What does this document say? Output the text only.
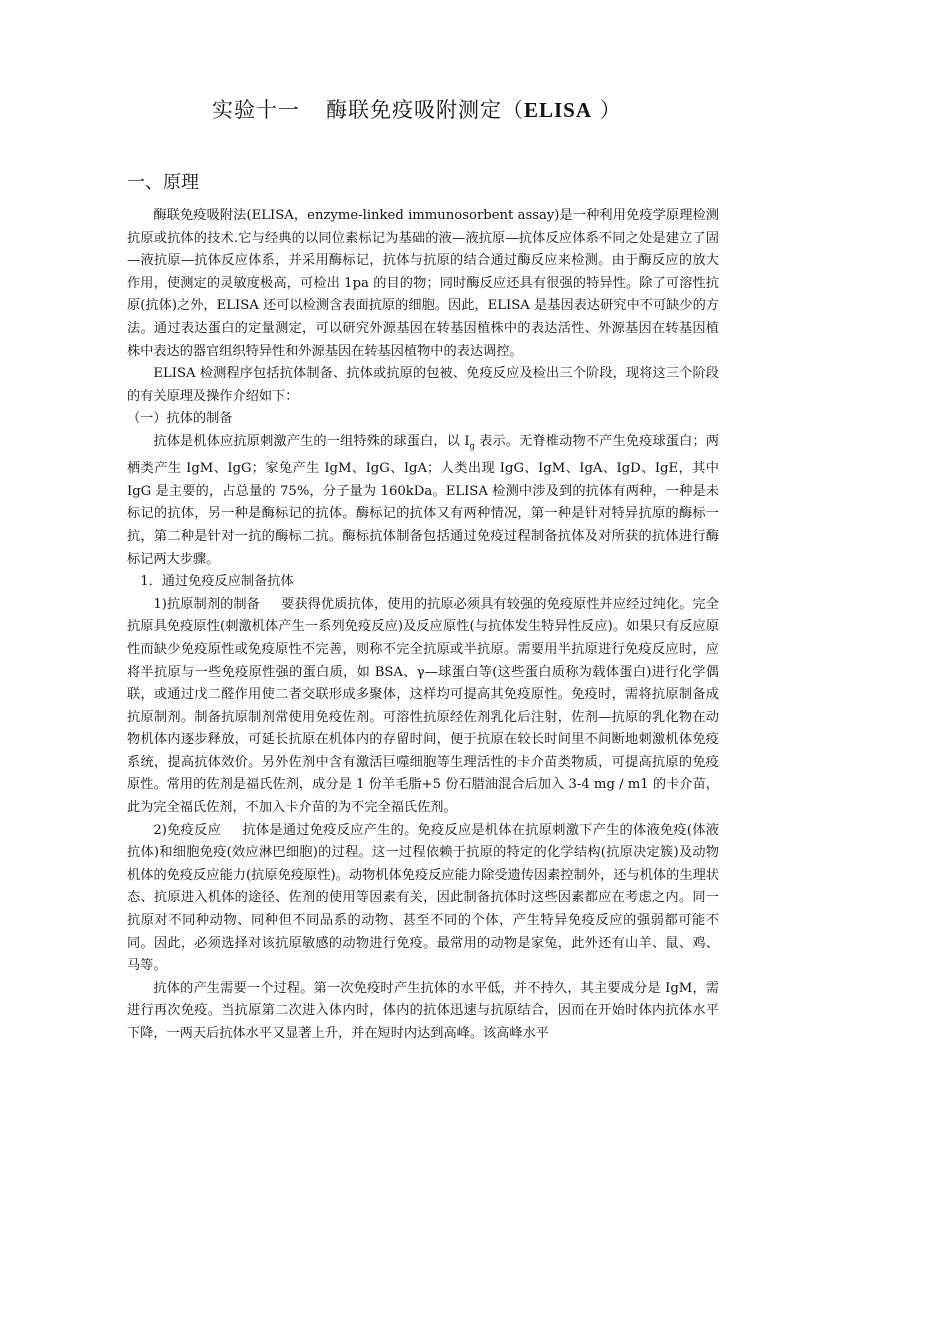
实验十一 酶联免疫吸附测定（ELISA ）
一、原理

酶联免疫吸附法(ELISA，enzyme-linked immunosorbent assay)是一种利用免疫学原理检测抗原或抗体的技术.它与经典的以同位素标记为基础的液—液抗原—抗体反应体系不同之处是建立了固—液抗原—抗体反应体系，并采用酶标记，抗体与抗原的结合通过酶反应来检测。由于酶反应的放大作用，使测定的灵敏度极高，可检出 1pa 的目的物；同时酶反应还具有很强的特异性。除了可溶性抗原(抗体)之外，ELISA 还可以检测含表面抗原的细胞。因此，ELISA 是基因表达研究中不可缺少的方法。通过表达蛋白的定量测定，可以研究外源基因在转基因植株中的表达活性、外源基因在转基因植株中表达的器官组织特异性和外源基因在转基因植物中的表达调控。

ELISA 检测程序包括抗体制备、抗体或抗原的包被、免疫反应及检出三个阶段，现将这三个阶段的有关原理及操作介绍如下：

（一）抗体的制备

抗体是机体应抗原刺激产生的一组特殊的球蛋白，以 $I_g$ 表示。无脊椎动物不产生免疫球蛋白；两栖类产生 IgM、IgG；家兔产生 IgM、IgG、IgA；人类出现 IgG、IgM、IgA、IgD、IgE，其中 IgG 是主要的，占总量的 75%，分子量为 160kDa。ELISA 检测中涉及到的抗体有两种，一种是未标记的抗体，另一种是酶标记的抗体。酶标记的抗体又有两种情况，第一种是针对特异抗原的酶标一抗，第二种是针对一抗的酶标二抗。酶标抗体制备包括通过免疫过程制备抗体及对所获的抗体进行酶标记两大步骤。

1．通过免疫反应制备抗体

1)抗原制剂的制备 要获得优质抗体，使用的抗原必须具有较强的免疫原性并应经过纯化。完全抗原具免疫原性(刺激机体产生一系列免疫反应)及反应原性(与抗体发生特异性反应)。如果只有反应原性而缺少免疫原性或免疫原性不完善，则称不完全抗原或半抗原。需要用半抗原进行免疫反应时，应将半抗原与一些免疫原性强的蛋白质，如 BSA、γ—球蛋白等(这些蛋白质称为载体蛋白)进行化学偶联，或通过戊二醛作用使二者交联形成多聚体，这样均可提高其免疫原性。免疫时，需将抗原制备成抗原制剂。制备抗原制剂常使用免疫佐剂。可溶性抗原经佐剂乳化后注射，佐剂—抗原的乳化物在动物机体内逐步释放，可延长抗原在机体内的存留时间，便于抗原在较长时间里不间断地刺激机体免疫系统，提高抗体效价。另外佐剂中含有激活巨噬细胞等生理活性的卡介苗类物质，可提高抗原的免疫原性。常用的佐剂是福氏佐剂，成分是 1 份羊毛脂+5 份石腊油混合后加入 3-4 mg / m1 的卡介苗，此为完全福氏佐剂，不加入卡介苗的为不完全福氏佐剂。

2)免疫反应 抗体是通过免疫反应产生的。免疫反应是机体在抗原刺激下产生的体液免疫(体液抗体)和细胞免疫(效应淋巴细胞)的过程。这一过程依赖于抗原的特定的化学结构(抗原决定簇)及动物机体的免疫反应能力(抗原免疫原性)。动物机体免疫反应能力除受遗传因素控制外，还与机体的生理状态、抗原进入机体的途径、佐剂的使用等因素有关，因此制备抗体时这些因素都应在考虑之内。同一抗原对不同种动物、同种但不同品系的动物、甚至不同的个体，产生特异免疫反应的强弱都可能不同。因此，必须选择对该抗原敏感的动物进行免疫。最常用的动物是家兔，此外还有山羊、鼠、鸡、马等。

抗体的产生需要一个过程。第一次免疫时产生抗体的水平低，并不持久，其主要成分是 IgM，需进行再次免疫。当抗原第二次进入体内时，体内的抗体迅速与抗原结合，因而在开始时体内抗体水平下降，一两天后抗体水平又显著上升，并在短时内达到高峰。该高峰水平
